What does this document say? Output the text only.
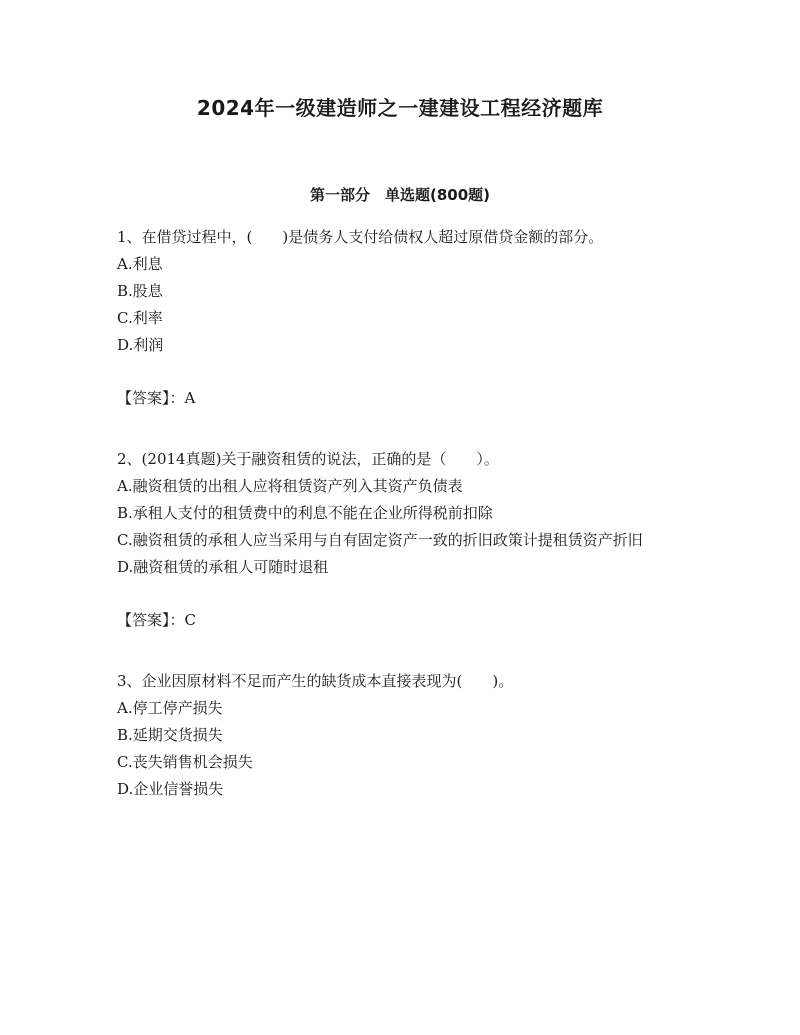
2024年一级建造师之一建建设工程经济题库
第一部分　单选题(800题)

1、在借贷过程中，(　　)是债务人支付给债权人超过原借贷金额的部分。

A.利息

B.股息

C.利率

D.利润

【答案】：A

2、(2014真题)关于融资租赁的说法，正确的是（　　）。

A.融资租赁的出租人应将租赁资产列入其资产负债表

B.承租人支付的租赁费中的利息不能在企业所得税前扣除

C.融资租赁的承租人应当采用与自有固定资产一致的折旧政策计提租赁资产折旧

D.融资租赁的承租人可随时退租

【答案】：C

3、企业因原材料不足而产生的缺货成本直接表现为(　　)。

A.停工停产损失

B.延期交货损失

C.丧失销售机会损失

D.企业信誉损失
